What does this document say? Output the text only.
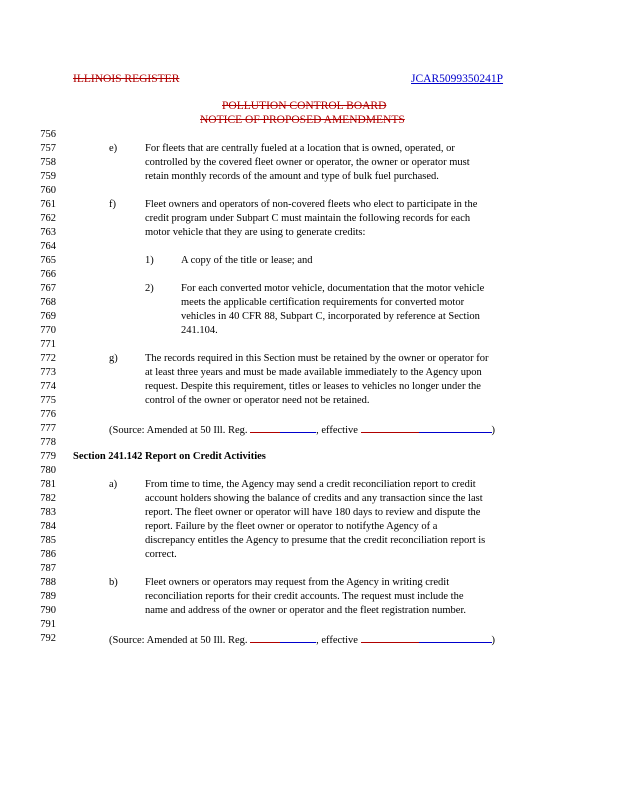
ILLINOIS REGISTER	JCAR5099350241P
POLLUTION CONTROL BOARD
NOTICE OF PROPOSED AMENDMENTS
756
757
758
759
760
761
762
763
764
765
766
767
768
769
770
771
772
773
774
775
776
777
778
779
780
781
782
783
784
785
786
787
788
789
790
791
792
e)	For fleets that are centrally fueled at a location that is owned, operated, or
controlled by the covered fleet owner or operator, the owner or operator must
retain monthly records of the amount and type of bulk fuel purchased.
f)	Fleet owners and operators of non-covered fleets who elect to participate in the
credit program under Subpart C must maintain the following records for each
motor vehicle that they are using to generate credits:
1)	A copy of the title or lease; and
2)	For each converted motor vehicle, documentation that the motor vehicle
meets the applicable certification requirements for converted motor
vehicles in 40 CFR 88, Subpart C, incorporated by reference at Section
241.104.
g)	The records required in this Section must be retained by the owner or operator for
at least three years and must be made available immediately to the Agency upon
request. Despite this requirement, titles or leases to vehicles no longer under the
control of the owner or operator need not be retained.
(Source: Amended at 50 Ill. Reg.	, effective	)
Section 241.142 Report on Credit Activities
a)	From time to time, the Agency may send a credit reconciliation report to credit
account holders showing the balance of credits and any transaction since the last
report. The fleet owner or operator will have 180 days to review and dispute the
report. Failure by the fleet owner or operator to notifythe Agency of a
discrepancy entitles the Agency to presume that the credit reconciliation report is
correct.
b)	Fleet owners or operators may request from the Agency in writing credit
reconciliation reports for their credit accounts. The request must include the
name and address of the owner or operator and the fleet registration number.
(Source: Amended at 50 Ill. Reg.	, effective	)
